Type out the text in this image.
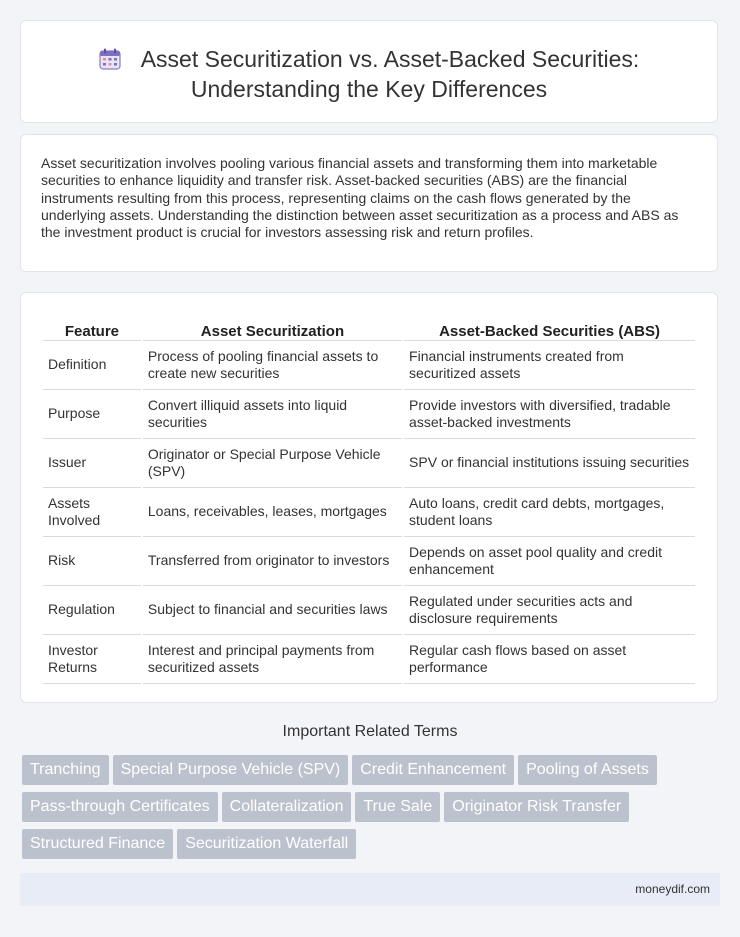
Asset Securitization vs. Asset-Backed Securities:
Understanding the Key Differences
Asset securitization involves pooling various financial assets and transforming them into marketable securities to enhance liquidity and transfer risk. Asset-backed securities (ABS) are the financial instruments resulting from this process, representing claims on the cash flows generated by the underlying assets. Understanding the distinction between asset securitization as a process and ABS as the investment product is crucial for investors assessing risk and return profiles.
Feature	Asset Securitization	Asset-Backed Securities (ABS)
Definition	Process of pooling financial assets to create new securities	Financial instruments created from securitized assets
Purpose	Convert illiquid assets into liquid securities	Provide investors with diversified, tradable asset-backed investments
Issuer	Originator or Special Purpose Vehicle (SPV)	SPV or financial institutions issuing securities
Assets Involved	Loans, receivables, leases, mortgages	Auto loans, credit card debts, mortgages, student loans
Risk	Transferred from originator to investors	Depends on asset pool quality and credit enhancement
Regulation	Subject to financial and securities laws	Regulated under securities acts and disclosure requirements
Investor Returns	Interest and principal payments from securitized assets	Regular cash flows based on asset performance
Important Related Terms
Tranching Special Purpose Vehicle (SPV) Credit Enhancement Pooling of AssetsPass-through Certificates Collateralization True Sale Originator Risk TransferStructured Finance Securitization Waterfall
moneydif.com
